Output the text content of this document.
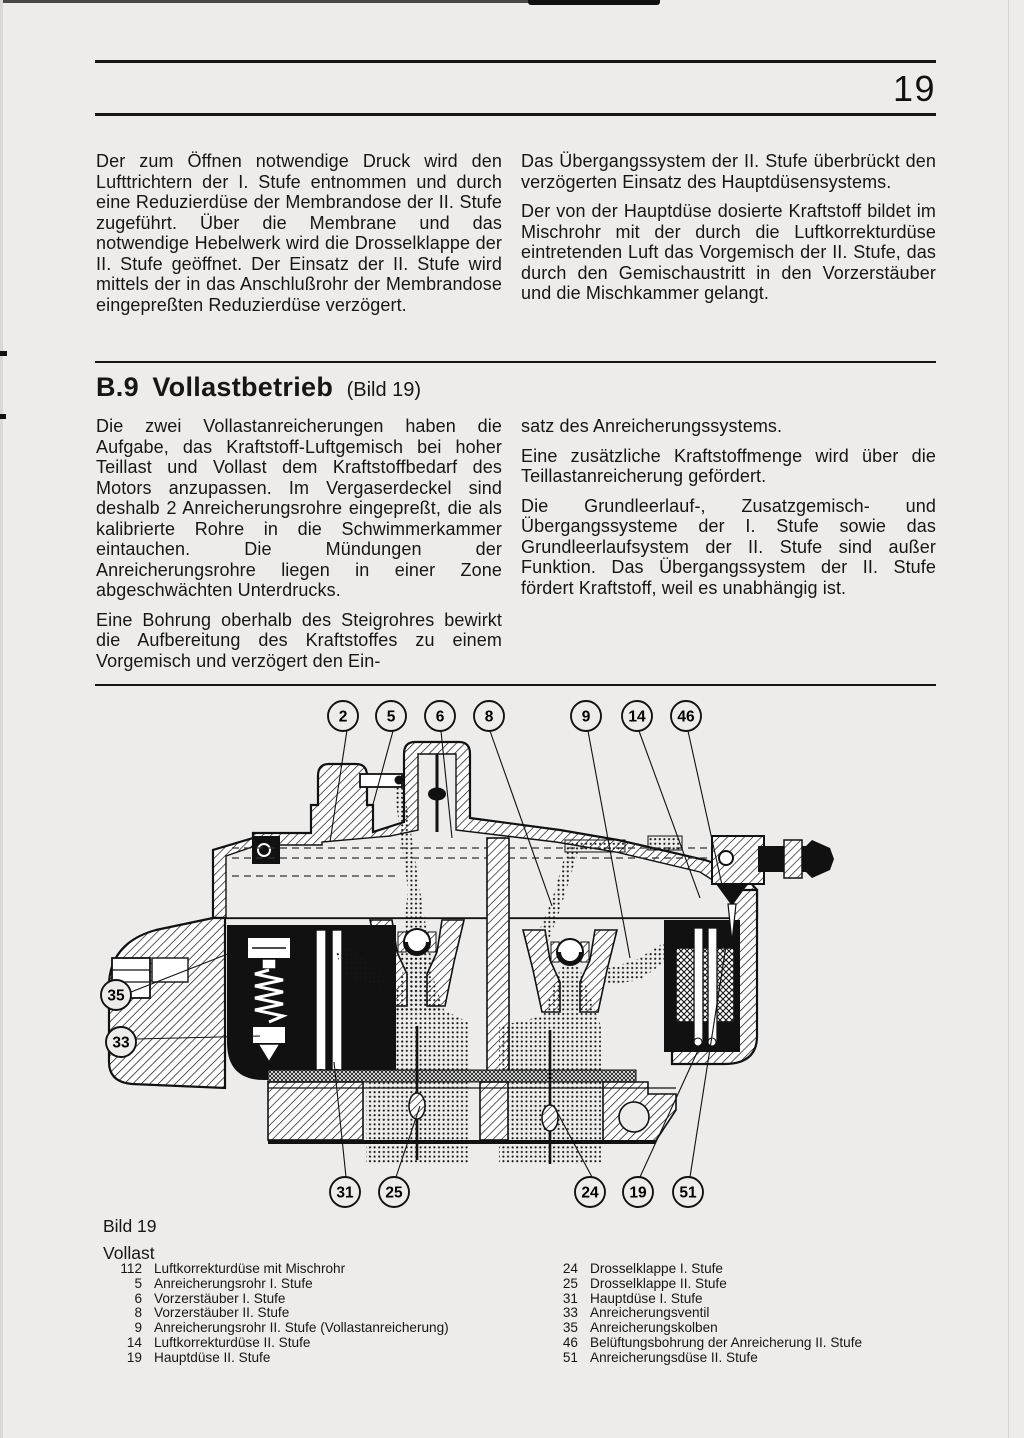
19

Der zum Öffnen notwendige Druck wird den Lufttrichtern der I. Stufe entnommen und durch eine Reduzierdüse der Membrandose der II. Stufe zugeführt. Über die Membrane und das notwendige Hebelwerk wird die Drosselklappe der II. Stufe geöffnet. Der Einsatz der II. Stufe wird mittels der in das Anschlußrohr der Membrandose eingepreßten Reduzierdüse verzögert.

Das Übergangssystem der II. Stufe überbrückt den verzögerten Einsatz des Hauptdüsensystems.

Der von der Hauptdüse dosierte Kraftstoff bildet im Mischrohr mit der durch die Luftkorrekturdüse eintretenden Luft das Vorgemisch der II. Stufe, das durch den Gemischaustritt in den Vorzerstäuber und die Mischkammer gelangt.

B.9 Vollastbetrieb (Bild 19)

Die zwei Vollastanreicherungen haben die Aufgabe, das Kraftstoff-Luftgemisch bei hoher Teillast und Vollast dem Kraftstoffbedarf des Motors anzupassen. Im Vergaserdeckel sind deshalb 2 Anreicherungsrohre eingepreßt, die als kalibrierte Rohre in die Schwimmerkammer eintauchen. Die Mündungen der Anreicherungsrohre liegen in einer Zone abgeschwächten Unterdrucks.

Eine Bohrung oberhalb des Steigrohres bewirkt die Aufbereitung des Kraftstoffes zu einem Vorgemisch und verzögert den Ein-

satz des Anreicherungssystems.

Eine zusätzliche Kraftstoffmenge wird über die Teillastanreicherung gefördert.

Die Grundleerlauf-, Zusatzgemisch- und Übergangssysteme der I. Stufe sowie das Grundleerlaufsystem der II. Stufe sind außer Funktion. Das Übergangssystem der II. Stufe fördert Kraftstoff, weil es unabhängig ist.

2	5	6	8	9 14 46
35
33
31 25	24 19 51
Bild 19
Vollast
112 Luftkorrekturdüse mit Mischrohr
5 Anreicherungsrohr I. Stufe
6 Vorzerstäuber I. Stufe
8 Vorzerstäuber II. Stufe
9 Anreicherungsrohr II. Stufe (Vollastanreicherung)
14 Luftkorrekturdüse II. Stufe
19 Hauptdüse II. Stufe
24 Drosselklappe I. Stufe
25 Drosselklappe II. Stufe
31 Hauptdüse I. Stufe
33 Anreicherungsventil
35 Anreicherungskolben
46 Belüftungsbohrung der Anreicherung II. Stufe
51 Anreicherungsdüse II. Stufe
